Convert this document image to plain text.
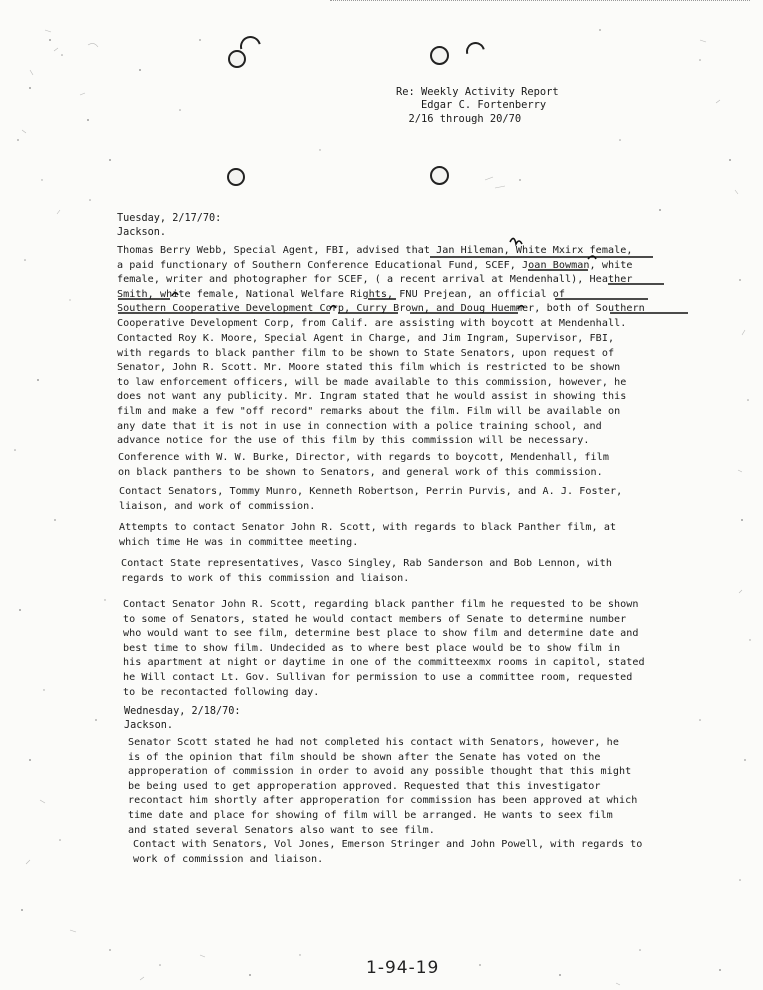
Re: Weekly Activity Report
Edgar C. Fortenberry
2/16 through 20/70
Tuesday, 2/17/70:
Jackson.
Thomas Berry Webb, Special Agent, FBI, advised that Jan Hileman, White Mxirx female,
a paid functionary of Southern Conference Educational Fund, SCEF, Joan Bowman, white
female, writer and photographer for SCEF, ( a recent arrival at Mendenhall), Heather
Smith, white female, National Welfare Rights, FNU Prejean, an official of
Southern Cooperative Development Corp, Curry Brown, and Doug Huemmer, both of Southern
Cooperative Development Corp, from Calif. are assisting with boycott at Mendenhall.
Contacted Roy K. Moore, Special Agent in Charge, and Jim Ingram, Supervisor, FBI,
with regards to black panther film to be shown to State Senators, upon request of
Senator, John R. Scott. Mr. Moore stated this film which is restricted to be shown
to law enforcement officers, will be made available to this commission, however, he
does not want any publicity. Mr. Ingram stated that he would assist in showing this
film and make a few "off record" remarks about the film. Film will be available on
any date that it is not in use in connection with a police training school, and
advance notice for the use of this film by this commission will be necessary.
Conference with W. W. Burke, Director, with regards to boycott, Mendenhall, film
on black panthers to be shown to Senators, and general work of this commission.
Contact Senators, Tommy Munro, Kenneth Robertson, Perrin Purvis, and A. J. Foster,
liaison, and work of commission.
Attempts to contact Senator John R. Scott, with regards to black Panther film, at
which time He was in committee meeting.
Contact State representatives, Vasco Singley, Rab Sanderson and Bob Lennon, with
regards to work of this commission and liaison.
Contact Senator John R. Scott, regarding black panther film he requested to be shown
to some of Senators, stated he would contact members of Senate to determine number
who would want to see film, determine best place to show film and determine date and
best time to show film. Undecided as to where best place would be to show film in
his apartment at night or daytime in one of the committeexmx rooms in capitol, stated
he Will contact Lt. Gov. Sullivan for permission to use a committee room, requested
to be recontacted following day.
Wednesday, 2/18/70:
Jackson.
Senator Scott stated he had not completed his contact with Senators, however, he
is of the opinion that film should be shown after the Senate has voted on the
approperation of commission in order to avoid any possible thought that this might
be being used to get approperation approved. Requested that this investigator
recontact him shortly after approperation for commission has been approved at which
time date and place for showing of film will be arranged. He wants to seex film
and stated several Senators also want to see film.
Contact with Senators, Vol Jones, Emerson Stringer and John Powell, with regards to
work of commission and liaison.
1-94-19
